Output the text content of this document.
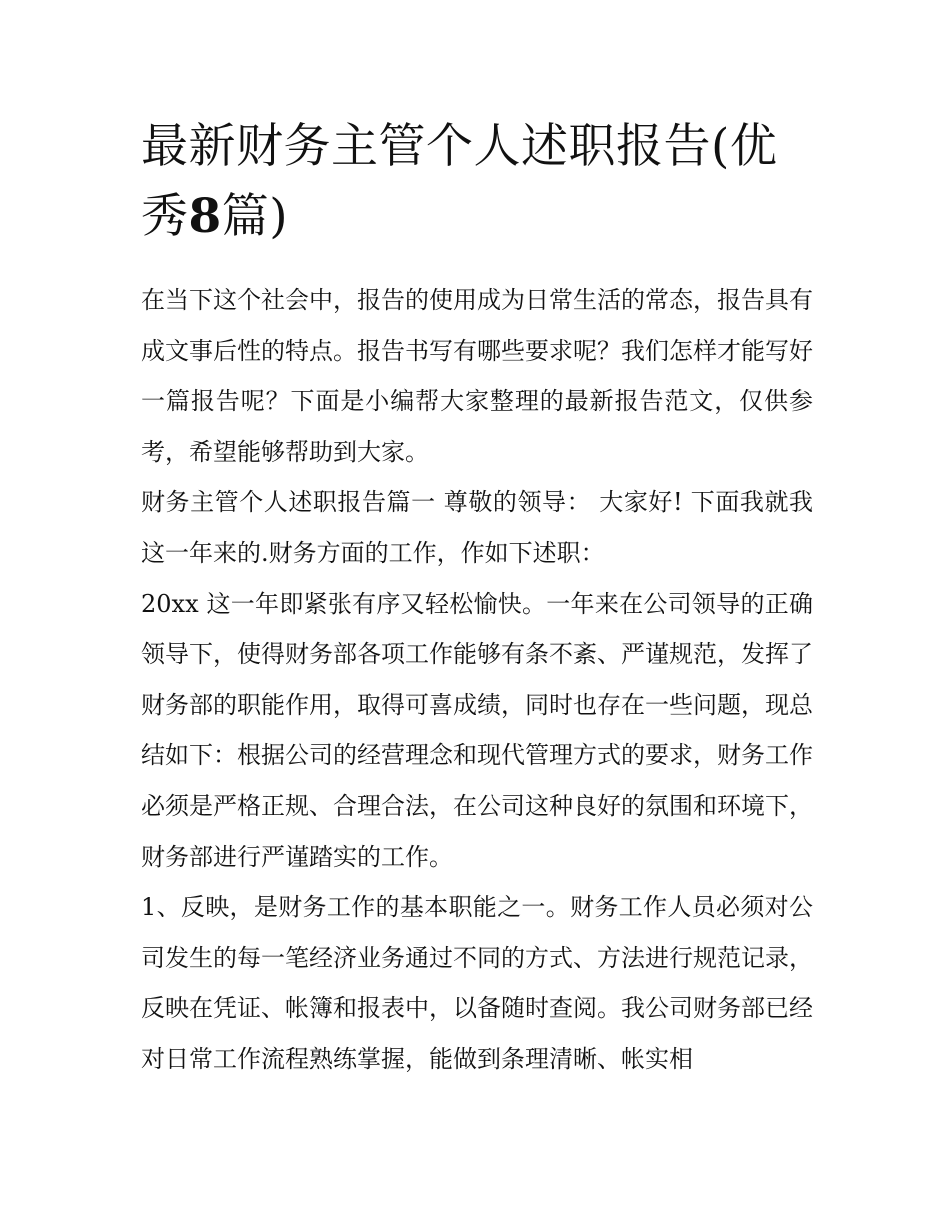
最新财务主管个人述职报告(优秀8篇)

在当下这个社会中，报告的使用成为日常生活的常态，报告具有成文事后性的特点。报告书写有哪些要求呢？我们怎样才能写好一篇报告呢？下面是小编帮大家整理的最新报告范文，仅供参考，希望能够帮助到大家。

财务主管个人述职报告篇一 尊敬的领导： 大家好! 下面我就我这一年来的.财务方面的工作，作如下述职：

20xx 这一年即紧张有序又轻松愉快。一年来在公司领导的正确领导下，使得财务部各项工作能够有条不紊、严谨规范，发挥了财务部的职能作用，取得可喜成绩，同时也存在一些问题，现总结如下：根据公司的经营理念和现代管理方式的要求，财务工作必须是严格正规、合理合法，在公司这种良好的氛围和环境下，财务部进行严谨踏实的工作。

1、反映，是财务工作的基本职能之一。财务工作人员必须对公司发生的每一笔经济业务通过不同的方式、方法进行规范记录，反映在凭证、帐簿和报表中，以备随时查阅。我公司财务部已经对日常工作流程熟练掌握，能做到条理清晰、帐实相
